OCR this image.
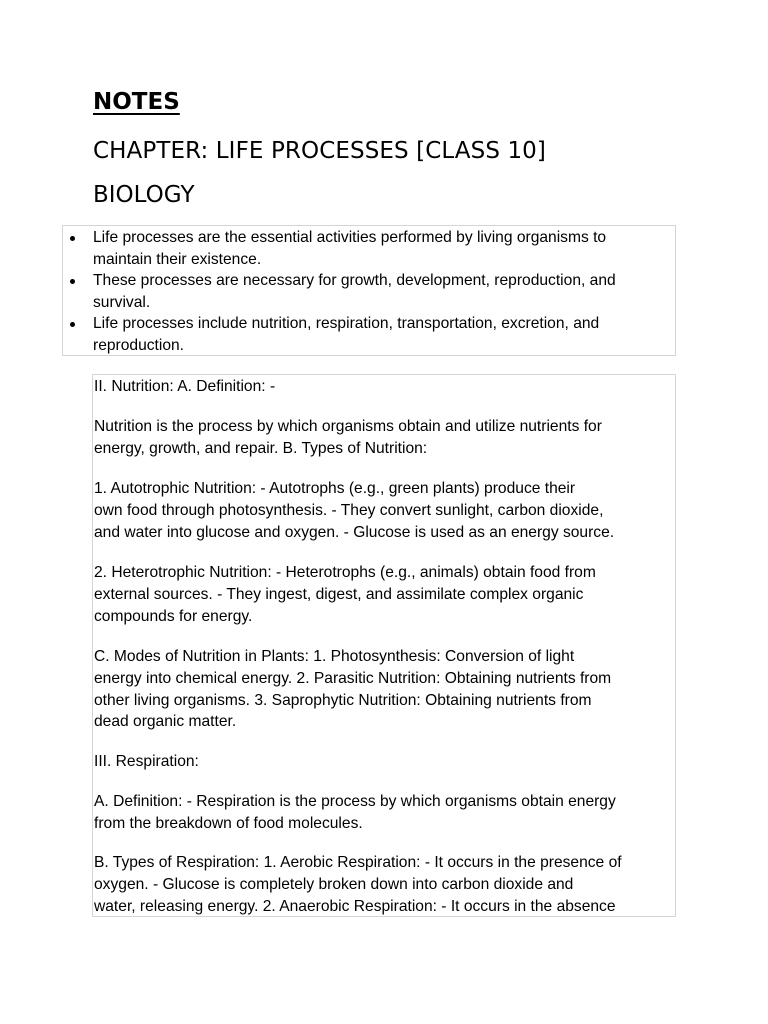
NOTES
CHAPTER: LIFE PROCESSES [CLASS 10]
BIOLOGY
Life processes are the essential activities performed by living organisms to
maintain their existence.
These processes are necessary for growth, development, reproduction, and
survival.
Life processes include nutrition, respiration, transportation, excretion, and
reproduction.

II. Nutrition: A. Definition: -

Nutrition is the process by which organisms obtain and utilize nutrients for
energy, growth, and repair. B. Types of Nutrition:

1. Autotrophic Nutrition: - Autotrophs (e.g., green plants) produce their
own food through photosynthesis. - They convert sunlight, carbon dioxide,
and water into glucose and oxygen. - Glucose is used as an energy source.

2. Heterotrophic Nutrition: - Heterotrophs (e.g., animals) obtain food from
external sources. - They ingest, digest, and assimilate complex organic
compounds for energy.

C. Modes of Nutrition in Plants: 1. Photosynthesis: Conversion of light
energy into chemical energy. 2. Parasitic Nutrition: Obtaining nutrients from
other living organisms. 3. Saprophytic Nutrition: Obtaining nutrients from
dead organic matter.

III. Respiration:

A. Definition: - Respiration is the process by which organisms obtain energy
from the breakdown of food molecules.

B. Types of Respiration: 1. Aerobic Respiration: - It occurs in the presence of
oxygen. - Glucose is completely broken down into carbon dioxide and
water, releasing energy. 2. Anaerobic Respiration: - It occurs in the absence
